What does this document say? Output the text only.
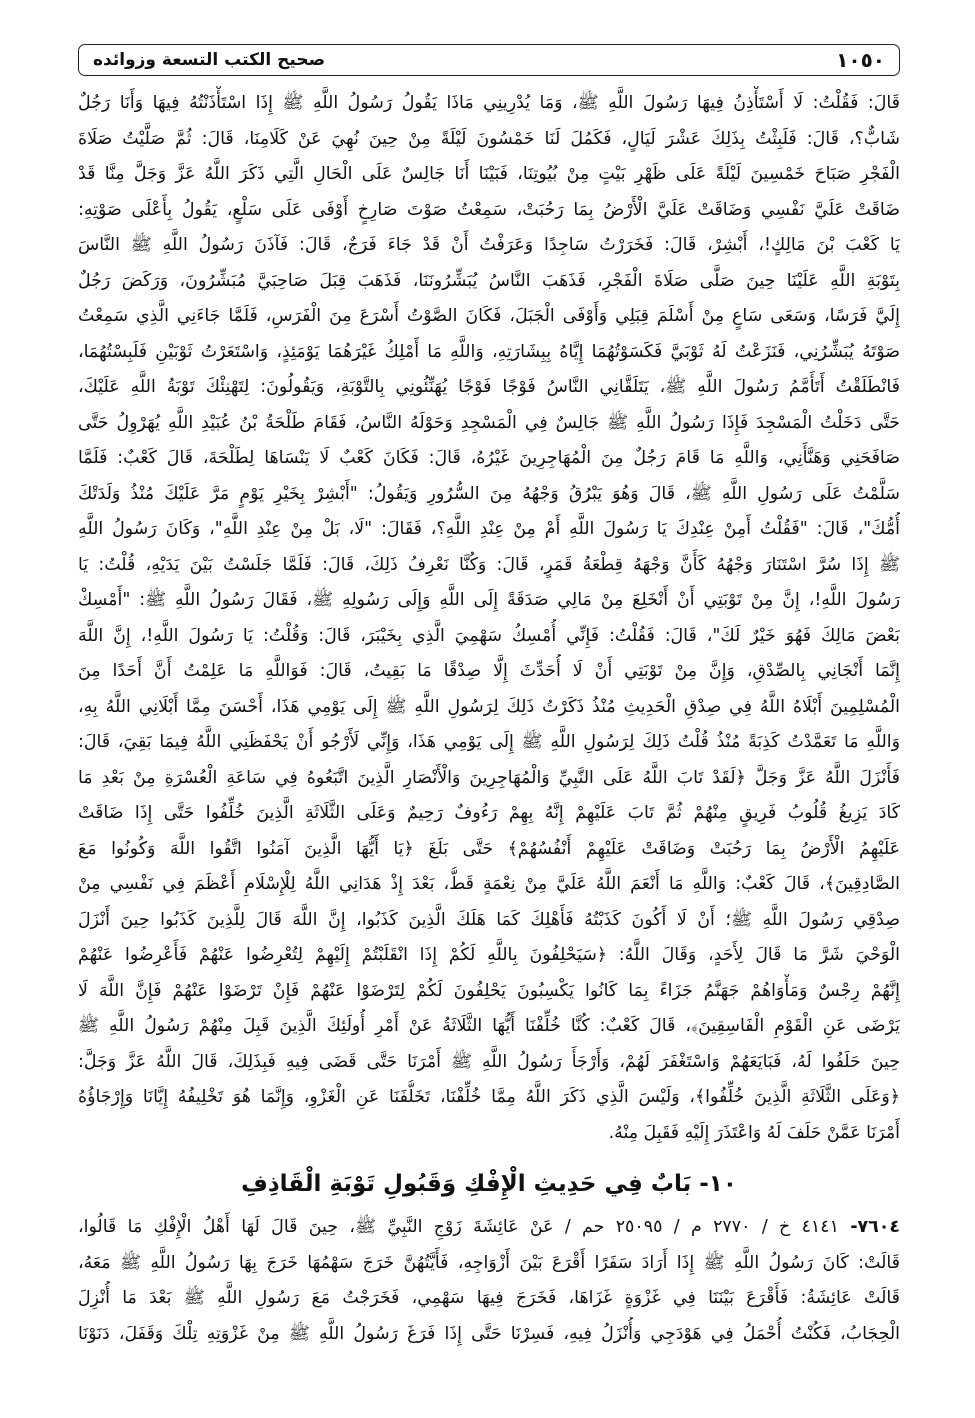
١٠٥٠
صحيح الكتب التسعة وزوائده
قَالَ: فَقُلْتُ: لَا أَسْتَأْذِنُ فِيهَا رَسُولَ اللَّهِ ﷺ، وَمَا يُدْرِينِي مَاذَا يَقُولُ رَسُولُ اللَّهِ ﷺ إِذَا اسْتَأْذَنْتُهُ فِيهَا وَأَنَا رَجُلٌ
شَابٌّ؟، قَالَ: فَلَبِثْتُ بِذَلِكَ عَشْرَ لَيَالٍ، فَكَمُلَ لَنَا خَمْسُونَ لَيْلَةً مِنْ حِينَ نُهِيَ عَنْ كَلَامِنَا، قَالَ: ثُمَّ صَلَّيْتُ صَلَاةَ
الْفَجْرِ صَبَاحَ خَمْسِينَ لَيْلَةً عَلَى ظَهْرِ بَيْتٍ مِنْ بُيُوتِنَا، فَبَيْنَا أَنَا جَالِسٌ عَلَى الْحَالِ الَّتِي ذَكَرَ اللَّهُ عَزَّ وَجَلَّ مِنَّا قَدْ
ضَاقَتْ عَلَيَّ نَفْسِي وَضَاقَتْ عَلَيَّ الْأَرْضُ بِمَا رَحُبَتْ، سَمِعْتُ صَوْتَ صَارِخٍ أَوْفَى عَلَى سَلْعٍ، يَقُولُ بِأَعْلَى صَوْتِهِ:
يَا كَعْبَ بْنَ مَالِكٍ!، أَبْشِرْ، قَالَ: فَخَرَرْتُ سَاجِدًا وَعَرَفْتُ أَنْ قَدْ جَاءَ فَرَجٌ، قَالَ: فَآذَنَ رَسُولُ اللَّهِ ﷺ النَّاسَ
بِتَوْبَةِ اللَّهِ عَلَيْنَا حِينَ صَلَّى صَلَاةَ الْفَجْرِ، فَذَهَبَ النَّاسُ يُبَشِّرُونَنَا، فَذَهَبَ قِبَلَ صَاحِبَيَّ مُبَشِّرُونَ، وَرَكَضَ رَجُلٌ
إِلَيَّ فَرَسًا، وَسَعَى سَاعٍ مِنْ أَسْلَمَ قِبَلِي وَأَوْفَى الْجَبَلَ، فَكَانَ الصَّوْتُ أَسْرَعَ مِنَ الْفَرَسِ، فَلَمَّا جَاءَنِي الَّذِي سَمِعْتُ
صَوْتَهُ يُبَشِّرُنِي، فَنَزَعْتُ لَهُ ثَوْبَيَّ فَكَسَوْتُهُمَا إِيَّاهُ بِبِشَارَتِهِ، وَاللَّهِ مَا أَمْلِكُ غَيْرَهُمَا يَوْمَئِذٍ، وَاسْتَعَرْتُ ثَوْبَيْنِ فَلَبِسْتُهُمَا،
فَانْطَلَقْتُ أَتَأَمَّمُ رَسُولَ اللَّهِ ﷺ، يَتَلَقَّانِي النَّاسُ فَوْجًا فَوْجًا يُهَنِّئُونِي بِالتَّوْبَةِ، وَيَقُولُونَ: لِتَهْنِئْكَ تَوْبَةُ اللَّهِ عَلَيْكَ،
حَتَّى دَخَلْتُ الْمَسْجِدَ فَإِذَا رَسُولُ اللَّهِ ﷺ جَالِسٌ فِي الْمَسْجِدِ وَحَوْلَهُ النَّاسُ، فَقَامَ طَلْحَةُ بْنُ عُبَيْدِ اللَّهِ يُهَرْوِلُ حَتَّى
صَافَحَنِي وَهَنَّأَنِي، وَاللَّهِ مَا قَامَ رَجُلٌ مِنَ الْمُهَاجِرِينَ غَيْرُهُ، قَالَ: فَكَانَ كَعْبٌ لَا يَنْسَاهَا لِطَلْحَةَ، قَالَ كَعْبٌ: فَلَمَّا
سَلَّمْتُ عَلَى رَسُولِ اللَّهِ ﷺ، قَالَ وَهُوَ يَبْرُقُ وَجْهُهُ مِنَ السُّرُورِ وَيَقُولُ: "أَبْشِرْ بِخَيْرِ يَوْمٍ مَرَّ عَلَيْكَ مُنْذُ وَلَدَتْكَ
أُمُّكَ"، قَالَ: "فَقُلْتُ أَمِنْ عِنْدِكَ يَا رَسُولَ اللَّهِ أَمْ مِنْ عِنْدِ اللَّهِ؟، فَقَالَ: "لَا، بَلْ مِنْ عِنْدِ اللَّهِ"، وَكَانَ رَسُولُ اللَّهِ
ﷺ إِذَا سُرَّ اسْتَنَارَ وَجْهُهُ كَأَنَّ وَجْهَهُ قِطْعَةُ قَمَرٍ، قَالَ: وَكُنَّا نَعْرِفُ ذَلِكَ، قَالَ: فَلَمَّا جَلَسْتُ بَيْنَ يَدَيْهِ، قُلْتُ: يَا
رَسُولَ اللَّهِ!، إِنَّ مِنْ تَوْبَتِي أَنْ أَنْخَلِعَ مِنْ مَالِي صَدَقَةً إِلَى اللَّهِ وَإِلَى رَسُولِهِ ﷺ، فَقَالَ رَسُولُ اللَّهِ ﷺ: "أَمْسِكْ
بَعْضَ مَالِكَ فَهُوَ خَيْرٌ لَكَ"، قَالَ: فَقُلْتُ: فَإِنِّي أُمْسِكُ سَهْمِيَ الَّذِي بِخَيْبَرَ، قَالَ: وَقُلْتُ: يَا رَسُولَ اللَّهِ!، إِنَّ اللَّهَ
إِنَّمَا أَنْجَانِي بِالصِّدْقِ، وَإِنَّ مِنْ تَوْبَتِي أَنْ لَا أُحَدِّثَ إِلَّا صِدْقًا مَا بَقِيتُ، قَالَ: فَوَاللَّهِ مَا عَلِمْتُ أَنَّ أَحَدًا مِنَ
الْمُسْلِمِينَ أَبْلَاهُ اللَّهُ فِي صِدْقِ الْحَدِيثِ مُنْذُ ذَكَرْتُ ذَلِكَ لِرَسُولِ اللَّهِ ﷺ إِلَى يَوْمِي هَذَا، أَحْسَنَ مِمَّا أَبْلَانِي اللَّهُ بِهِ،
وَاللَّهِ مَا تَعَمَّدْتُ كَذِبَةً مُنْذُ قُلْتُ ذَلِكَ لِرَسُولِ اللَّهِ ﷺ إِلَى يَوْمِي هَذَا، وَإِنِّي لَأَرْجُو أَنْ يَحْفَظَنِي اللَّهُ فِيمَا بَقِيَ، قَالَ:
فَأَنْزَلَ اللَّهُ عَزَّ وَجَلَّ ﴿لَقَدْ تَابَ اللَّهُ عَلَى النَّبِيِّ وَالْمُهَاجِرِينَ وَالْأَنْصَارِ الَّذِينَ اتَّبَعُوهُ فِي سَاعَةِ الْعُسْرَةِ مِنْ بَعْدِ مَا
كَادَ يَزِيغُ قُلُوبُ فَرِيقٍ مِنْهُمْ ثُمَّ تَابَ عَلَيْهِمْ إِنَّهُ بِهِمْ رَءُوفٌ رَحِيمٌ وَعَلَى الثَّلَاثَةِ الَّذِينَ خُلِّفُوا حَتَّى إِذَا ضَاقَتْ
عَلَيْهِمُ الْأَرْضُ بِمَا رَحُبَتْ وَضَاقَتْ عَلَيْهِمْ أَنْفُسُهُمْ﴾ حَتَّى بَلَغَ ﴿يَا أَيُّهَا الَّذِينَ آمَنُوا اتَّقُوا اللَّهَ وَكُونُوا مَعَ
الصَّادِقِينَ﴾، قَالَ كَعْبٌ: وَاللَّهِ مَا أَنْعَمَ اللَّهُ عَلَيَّ مِنْ نِعْمَةٍ قَطُّ، بَعْدَ إِذْ هَدَانِي اللَّهُ لِلْإِسْلَامِ أَعْظَمَ فِي نَفْسِي مِنْ
صِدْقِي رَسُولَ اللَّهِ ﷺ؛ أَنْ لَا أَكُونَ كَذَبْتُهُ فَأَهْلِكَ كَمَا هَلَكَ الَّذِينَ كَذَبُوا، إِنَّ اللَّهَ قَالَ لِلَّذِينَ كَذَبُوا حِينَ أَنْزَلَ
الْوَحْيَ شَرَّ مَا قَالَ لِأَحَدٍ، وَقَالَ اللَّهُ: ﴿سَيَحْلِفُونَ بِاللَّهِ لَكُمْ إِذَا انْقَلَبْتُمْ إِلَيْهِمْ لِتُعْرِضُوا عَنْهُمْ فَأَعْرِضُوا عَنْهُمْ
إِنَّهُمْ رِجْسٌ وَمَأْوَاهُمْ جَهَنَّمُ جَزَاءً بِمَا كَانُوا يَكْسِبُونَ يَحْلِفُونَ لَكُمْ لِتَرْضَوْا عَنْهُمْ فَإِنْ تَرْضَوْا عَنْهُمْ فَإِنَّ اللَّهَ لَا
يَرْضَى عَنِ الْقَوْمِ الْفَاسِقِينَ﴾، قَالَ كَعْبٌ: كُنَّا خُلِّفْنَا أَيُّهَا الثَّلَاثَةُ عَنْ أَمْرِ أُولَئِكَ الَّذِينَ قَبِلَ مِنْهُمْ رَسُولُ اللَّهِ ﷺ
حِينَ حَلَفُوا لَهُ، فَبَايَعَهُمْ وَاسْتَغْفَرَ لَهُمْ، وَأَرْجَأَ رَسُولُ اللَّهِ ﷺ أَمْرَنَا حَتَّى قَضَى فِيهِ فَبِذَلِكَ، قَالَ اللَّهُ عَزَّ وَجَلَّ:
﴿وَعَلَى الثَّلَاثَةِ الَّذِينَ خُلِّفُوا﴾، وَلَيْسَ الَّذِي ذَكَرَ اللَّهُ مِمَّا خُلِّفْنَا، تَخَلُّفَنَا عَنِ الْغَزْوِ، وَإِنَّمَا هُوَ تَخْلِيفُهُ إِيَّانَا وَإِرْجَاؤُهُ
أَمْرَنَا عَمَّنْ حَلَفَ لَهُ وَاعْتَذَرَ إِلَيْهِ فَقَبِلَ مِنْهُ.
١٠- بَابٌ فِي حَدِيثِ الْإِفْكِ وَقَبُولِ تَوْبَةِ الْقَاذِفِ
٧٦٠٤- ٤١٤١ خ / ٢٧٧٠ م / ٢٥٠٩٥ حم / عَنْ عَائِشَةَ زَوْجِ النَّبِيِّ ﷺ، حِينَ قَالَ لَهَا أَهْلُ الْإِفْكِ مَا قَالُوا،
قَالَتْ: كَانَ رَسُولُ اللَّهِ ﷺ إِذَا أَرَادَ سَفَرًا أَقْرَعَ بَيْنَ أَزْوَاجِهِ، فَأَيَّتُهُنَّ خَرَجَ سَهْمُهَا خَرَجَ بِهَا رَسُولُ اللَّهِ ﷺ مَعَهُ،
قَالَتْ عَائِشَةُ: فَأَقْرَعَ بَيْنَنَا فِي غَزْوَةٍ غَزَاهَا، فَخَرَجَ فِيهَا سَهْمِي، فَخَرَجْتُ مَعَ رَسُولِ اللَّهِ ﷺ بَعْدَ مَا أُنْزِلَ
الْحِجَابُ، فَكُنْتُ أُحْمَلُ فِي هَوْدَجِي وَأُنْزَلُ فِيهِ، فَسِرْنَا حَتَّى إِذَا فَرَغَ رَسُولُ اللَّهِ ﷺ مِنْ غَزْوَتِهِ تِلْكَ وَقَفَلَ، دَنَوْنَا
